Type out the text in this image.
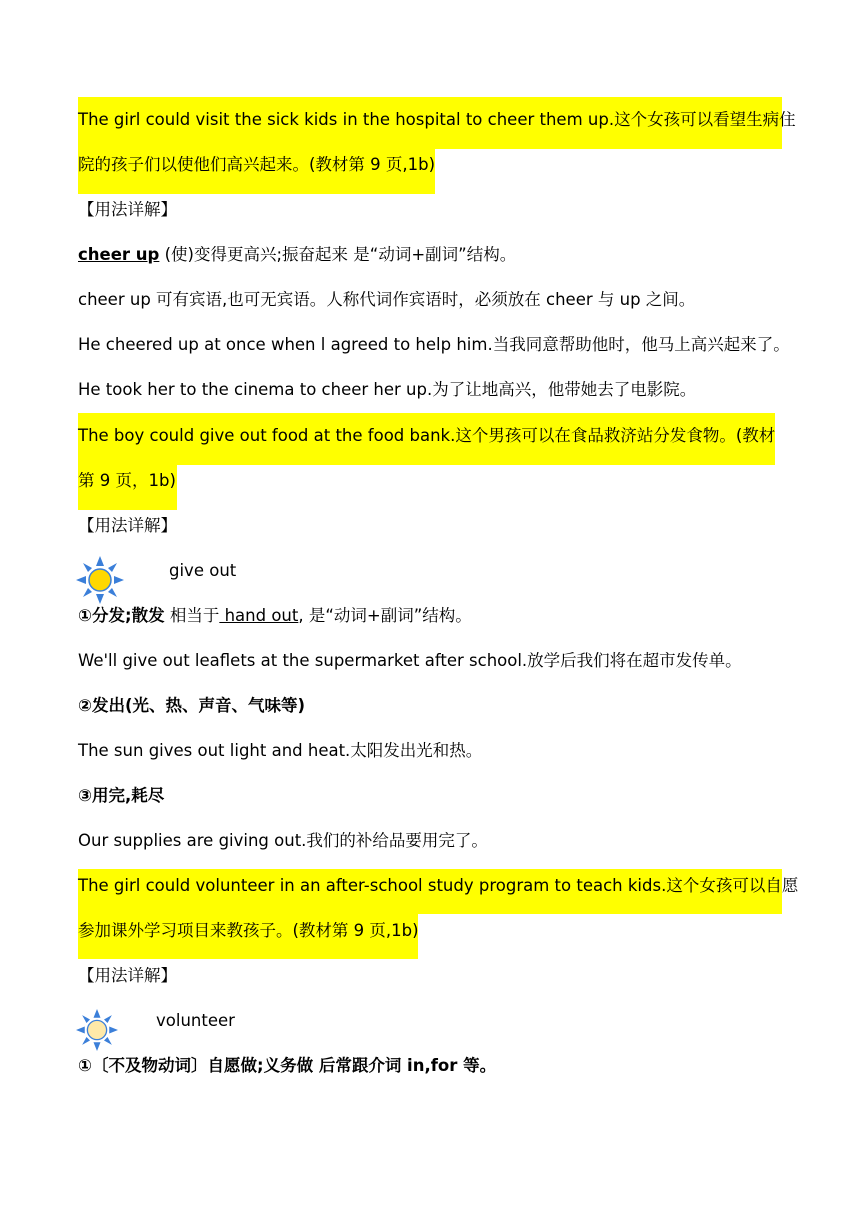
The girl could visit the sick kids in the hospital to cheer them up.这个女孩可以看望生病住
院的孩子们以使他们高兴起来。(教材第 9 页,1b)
【用法详解】
cheer up (使)变得更高兴;振奋起来 是“动词+副词”结构。
cheer up 可有宾语,也可无宾语。人称代词作宾语时，必须放在 cheer 与 up 之间。
He cheered up at once when l agreed to help him.当我同意帮助他时，他马上高兴起来了。
He took her to the cinema to cheer her up.为了让地高兴，他带她去了电影院。
The boy could give out food at the food bank.这个男孩可以在食品救济站分发食物。(教材
第 9 页，1b)
【用法详解】
give out
①分发;散发 相当于 hand out, 是“动词+副词”结构。
We'll give out leaflets at the supermarket after school.放学后我们将在超市发传单。
②发出(光、热、声音、气味等)
The sun gives out light and heat.太阳发出光和热。
③用完,耗尽
Our supplies are giving out.我们的补给品要用完了。
The girl could volunteer in an after-school study program to teach kids.这个女孩可以自愿
参加课外学习项目来教孩子。(教材第 9 页,1b)
【用法详解】
volunteer
①〔不及物动词〕自愿做;义务做 后常跟介词 in,for 等。
